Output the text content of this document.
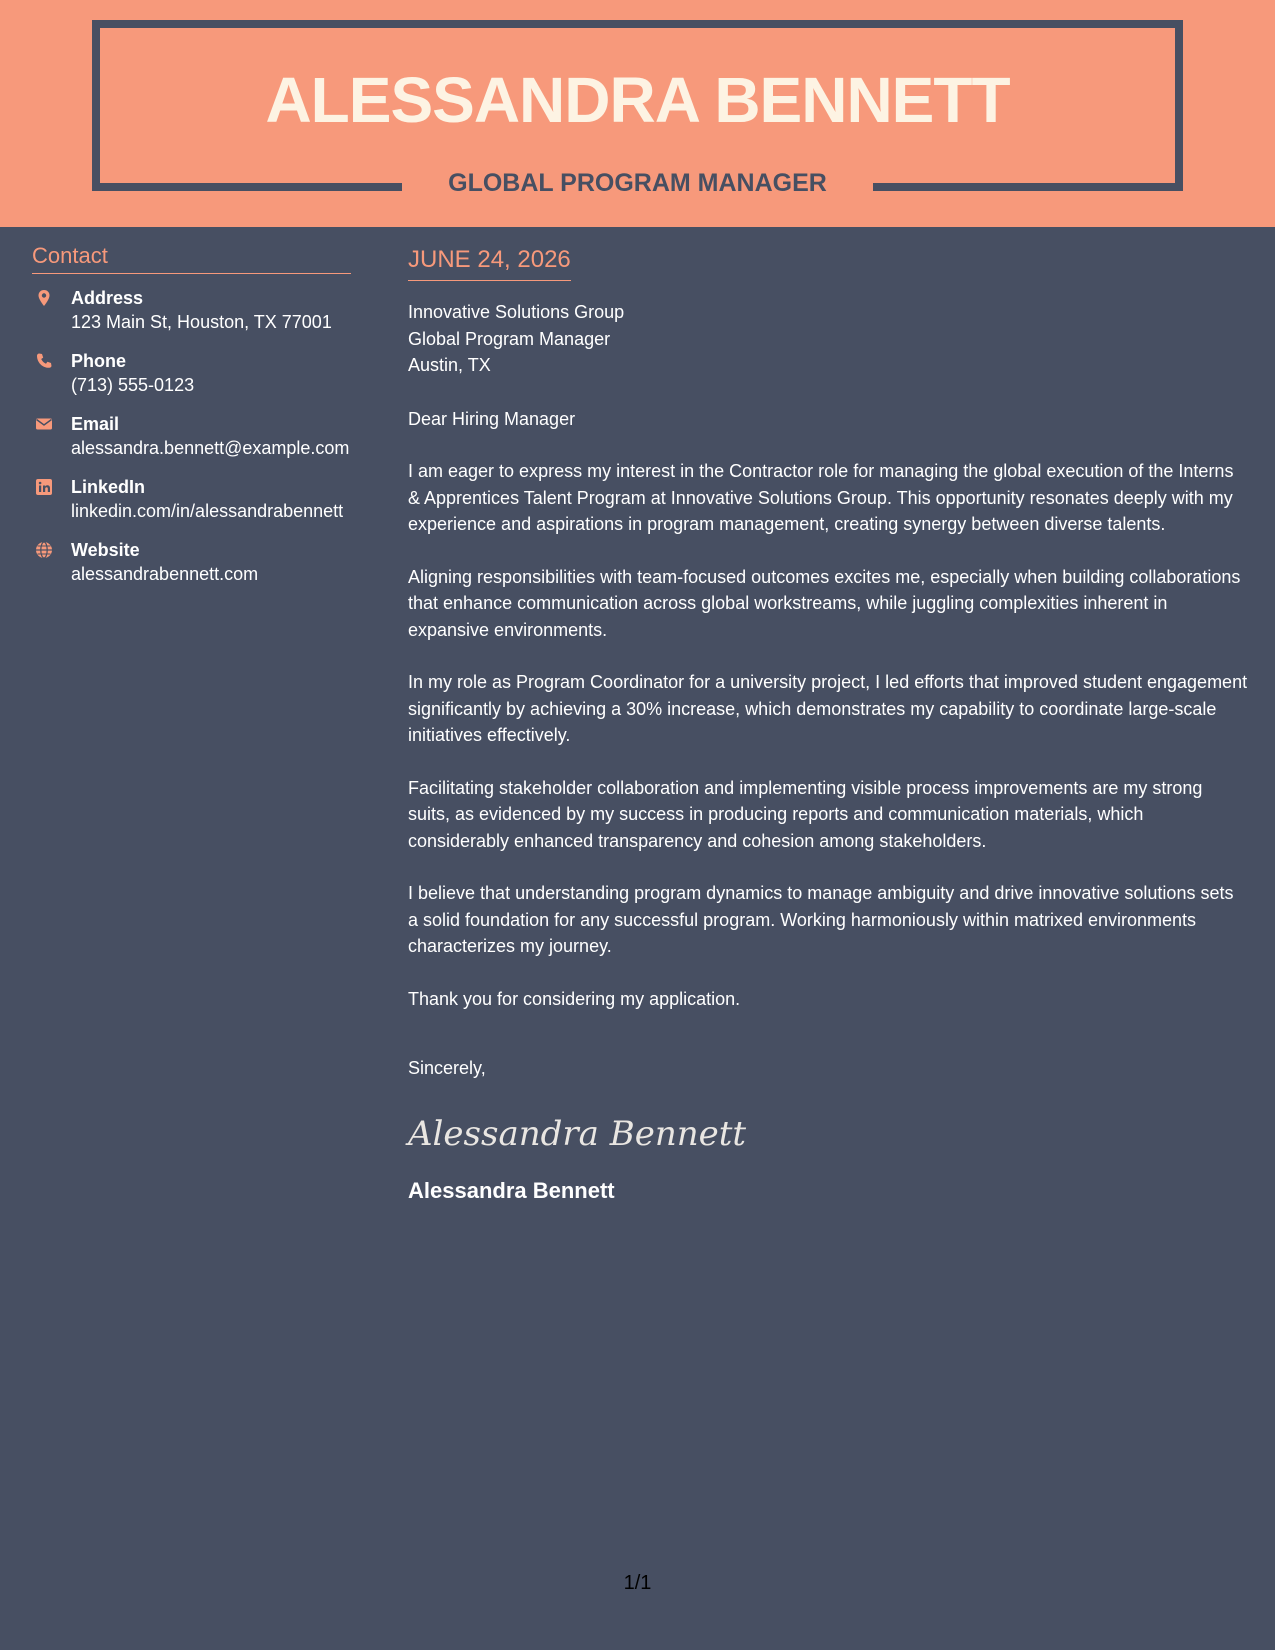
ALESSANDRA BENNETT
GLOBAL PROGRAM MANAGER
Contact
Address
123 Main St, Houston, TX 77001
Phone
(713) 555-0123
Email
alessandra.bennett@example.com
LinkedIn
linkedin.com/in/alessandrabennett
Website
alessandrabennett.com
JUNE 24, 2026
Innovative Solutions Group
Global Program Manager
Austin, TX
Dear Hiring Manager
I am eager to express my interest in the Contractor role for managing the global execution of the Interns & Apprentices Talent Program at Innovative Solutions Group. This opportunity resonates deeply with my experience and aspirations in program management, creating synergy between diverse talents.
Aligning responsibilities with team-focused outcomes excites me, especially when building collaborations that enhance communication across global workstreams, while juggling complexities inherent in expansive environments.
In my role as Program Coordinator for a university project, I led efforts that improved student engagement significantly by achieving a 30% increase, which demonstrates my capability to coordinate large-scale initiatives effectively.
Facilitating stakeholder collaboration and implementing visible process improvements are my strong suits, as evidenced by my success in producing reports and communication materials, which considerably enhanced transparency and cohesion among stakeholders.
I believe that understanding program dynamics to manage ambiguity and drive innovative solutions sets a solid foundation for any successful program. Working harmoniously within matrixed environments characterizes my journey.
Thank you for considering my application.
Sincerely,
Alessandra Bennett
Alessandra Bennett
1/1
